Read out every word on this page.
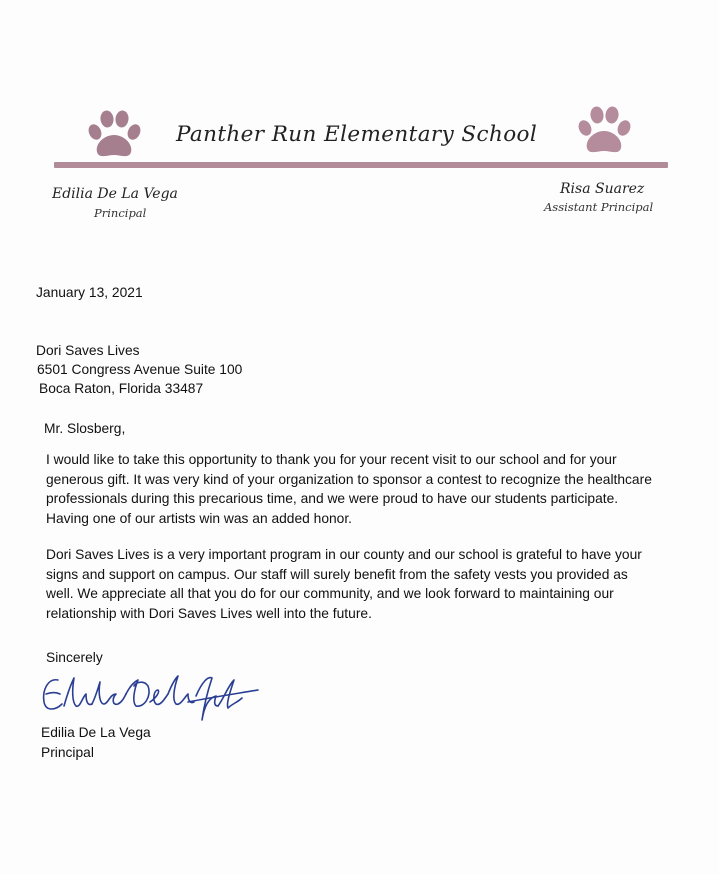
Panther Run Elementary School
Edilia De La Vega
Principal
Risa Suarez
Assistant Principal
January 13, 2021
Dori Saves Lives
6501 Congress Avenue Suite 100
Boca Raton, Florida 33487
Mr. Slosberg,
I would like to take this opportunity to thank you for your recent visit to our school and for your generous gift. It was very kind of your organization to sponsor a contest to recognize the healthcare professionals during this precarious time, and we were proud to have our students participate. Having one of our artists win was an added honor.
Dori Saves Lives is a very important program in our county and our school is grateful to have your signs and support on campus. Our staff will surely benefit from the safety vests you provided as well. We appreciate all that you do for our community, and we look forward to maintaining our relationship with Dori Saves Lives well into the future.
Sincerely
Edilia De La Vega
Principal
